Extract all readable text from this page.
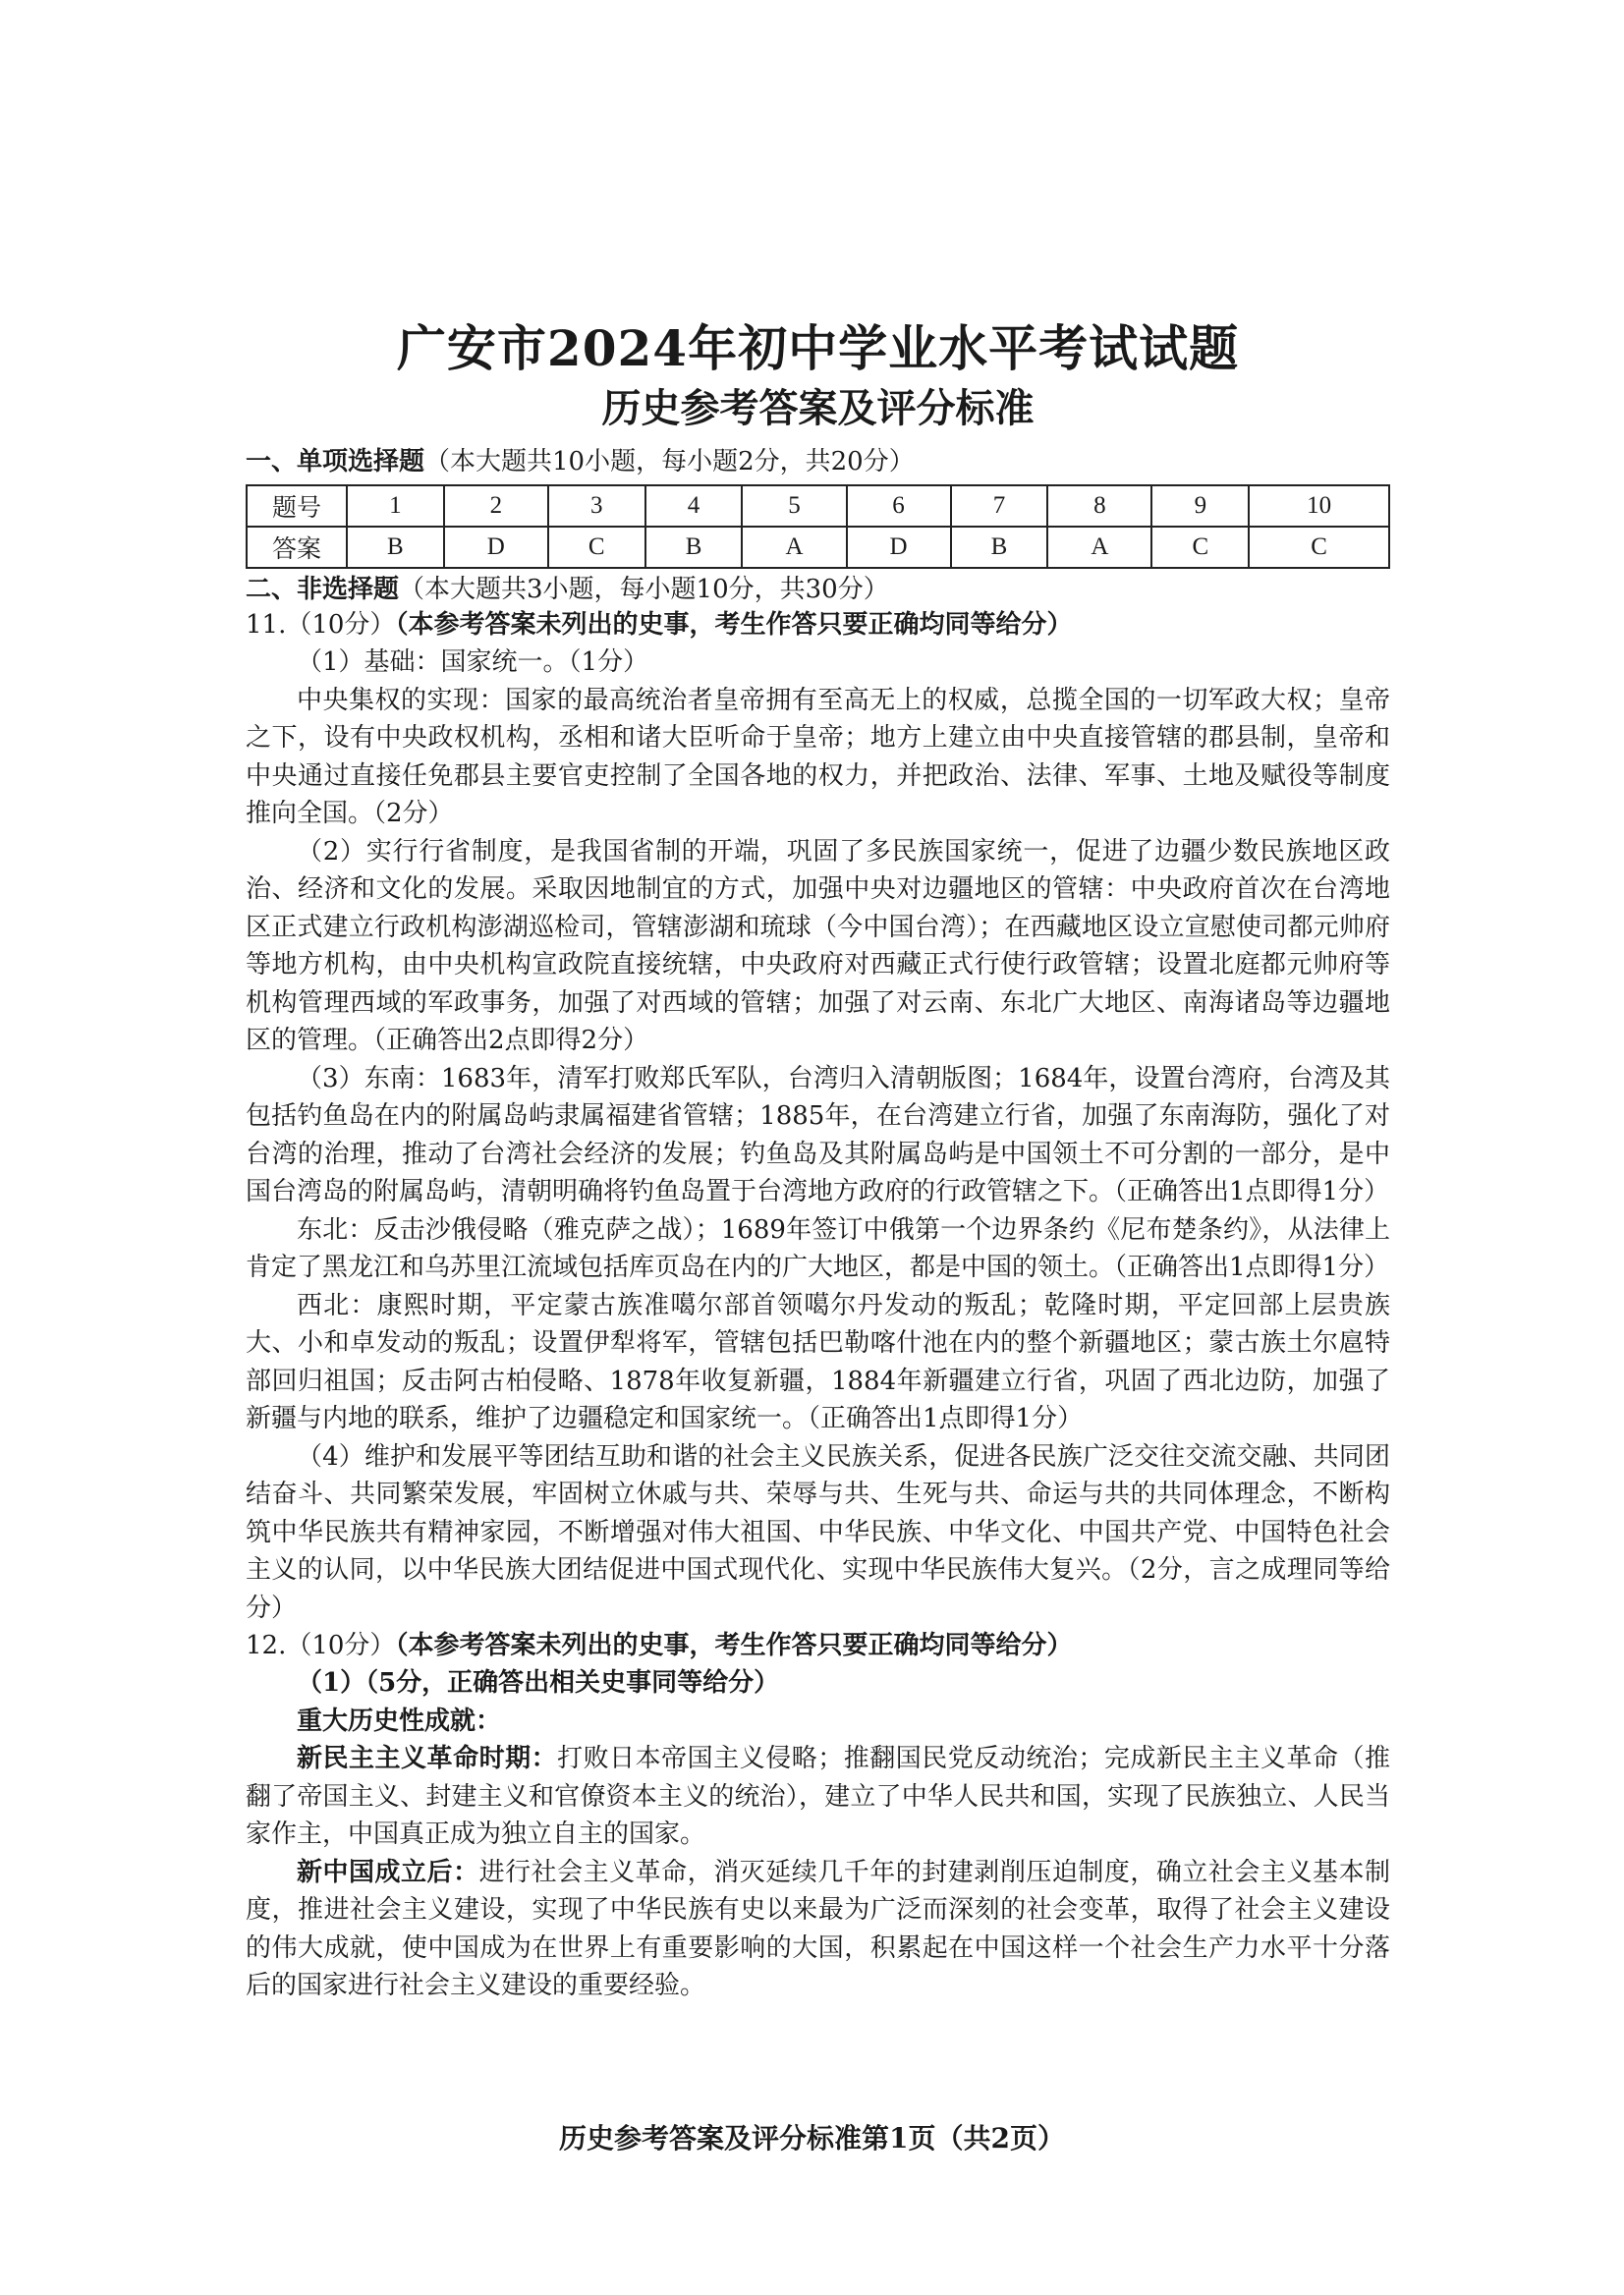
广安市2024年初中学业水平考试试题
历史参考答案及评分标准

一、单项选择题（本大题共10小题，每小题2分，共20分）

题号	1	2	3	4	5	6	7	8	9	10
答案	B	D	C	B	A	D	B	A	C	C

二、非选择题（本大题共3小题，每小题10分，共30分）

11.（10分）（本参考答案未列出的史事，考生作答只要正确均同等给分）

（1）基础：国家统一。（1分）

中央集权的实现：国家的最高统治者皇帝拥有至高无上的权威，总揽全国的一切军政大权；皇帝之下，设有中央政权机构，丞相和诸大臣听命于皇帝；地方上建立由中央直接管辖的郡县制，皇帝和中央通过直接任免郡县主要官吏控制了全国各地的权力，并把政治、法律、军事、土地及赋役等制度推向全国。（2分）

（2）实行行省制度，是我国省制的开端，巩固了多民族国家统一，促进了边疆少数民族地区政治、经济和文化的发展。采取因地制宜的方式，加强中央对边疆地区的管辖：中央政府首次在台湾地区正式建立行政机构澎湖巡检司，管辖澎湖和琉球（今中国台湾）；在西藏地区设立宣慰使司都元帅府等地方机构，由中央机构宣政院直接统辖，中央政府对西藏正式行使行政管辖；设置北庭都元帅府等机构管理西域的军政事务，加强了对西域的管辖；加强了对云南、东北广大地区、南海诸岛等边疆地区的管理。（正确答出2点即得2分）

（3）东南：1683年，清军打败郑氏军队，台湾归入清朝版图；1684年，设置台湾府，台湾及其包括钓鱼岛在内的附属岛屿隶属福建省管辖；1885年，在台湾建立行省，加强了东南海防，强化了对台湾的治理，推动了台湾社会经济的发展；钓鱼岛及其附属岛屿是中国领土不可分割的一部分，是中国台湾岛的附属岛屿，清朝明确将钓鱼岛置于台湾地方政府的行政管辖之下。（正确答出1点即得1分）

东北：反击沙俄侵略（雅克萨之战）；1689年签订中俄第一个边界条约《尼布楚条约》，从法律上肯定了黑龙江和乌苏里江流域包括库页岛在内的广大地区，都是中国的领土。（正确答出1点即得1分）

西北：康熙时期，平定蒙古族准噶尔部首领噶尔丹发动的叛乱；乾隆时期，平定回部上层贵族大、小和卓发动的叛乱；设置伊犁将军，管辖包括巴勒喀什池在内的整个新疆地区；蒙古族土尔扈特部回归祖国；反击阿古柏侵略、1878年收复新疆，1884年新疆建立行省，巩固了西北边防，加强了新疆与内地的联系，维护了边疆稳定和国家统一。（正确答出1点即得1分）

（4）维护和发展平等团结互助和谐的社会主义民族关系，促进各民族广泛交往交流交融、共同团结奋斗、共同繁荣发展，牢固树立休戚与共、荣辱与共、生死与共、命运与共的共同体理念，不断构筑中华民族共有精神家园，不断增强对伟大祖国、中华民族、中华文化、中国共产党、中国特色社会主义的认同，以中华民族大团结促进中国式现代化、实现中华民族伟大复兴。（2分，言之成理同等给分）

12.（10分）（本参考答案未列出的史事，考生作答只要正确均同等给分）

（1）（5分，正确答出相关史事同等给分）

重大历史性成就：

新民主主义革命时期：打败日本帝国主义侵略；推翻国民党反动统治；完成新民主主义革命（推翻了帝国主义、封建主义和官僚资本主义的统治），建立了中华人民共和国，实现了民族独立、人民当家作主，中国真正成为独立自主的国家。

新中国成立后：进行社会主义革命，消灭延续几千年的封建剥削压迫制度，确立社会主义基本制度，推进社会主义建设，实现了中华民族有史以来最为广泛而深刻的社会变革，取得了社会主义建设的伟大成就，使中国成为在世界上有重要影响的大国，积累起在中国这样一个社会生产力水平十分落后的国家进行社会主义建设的重要经验。

历史参考答案及评分标准第1页（共2页）
